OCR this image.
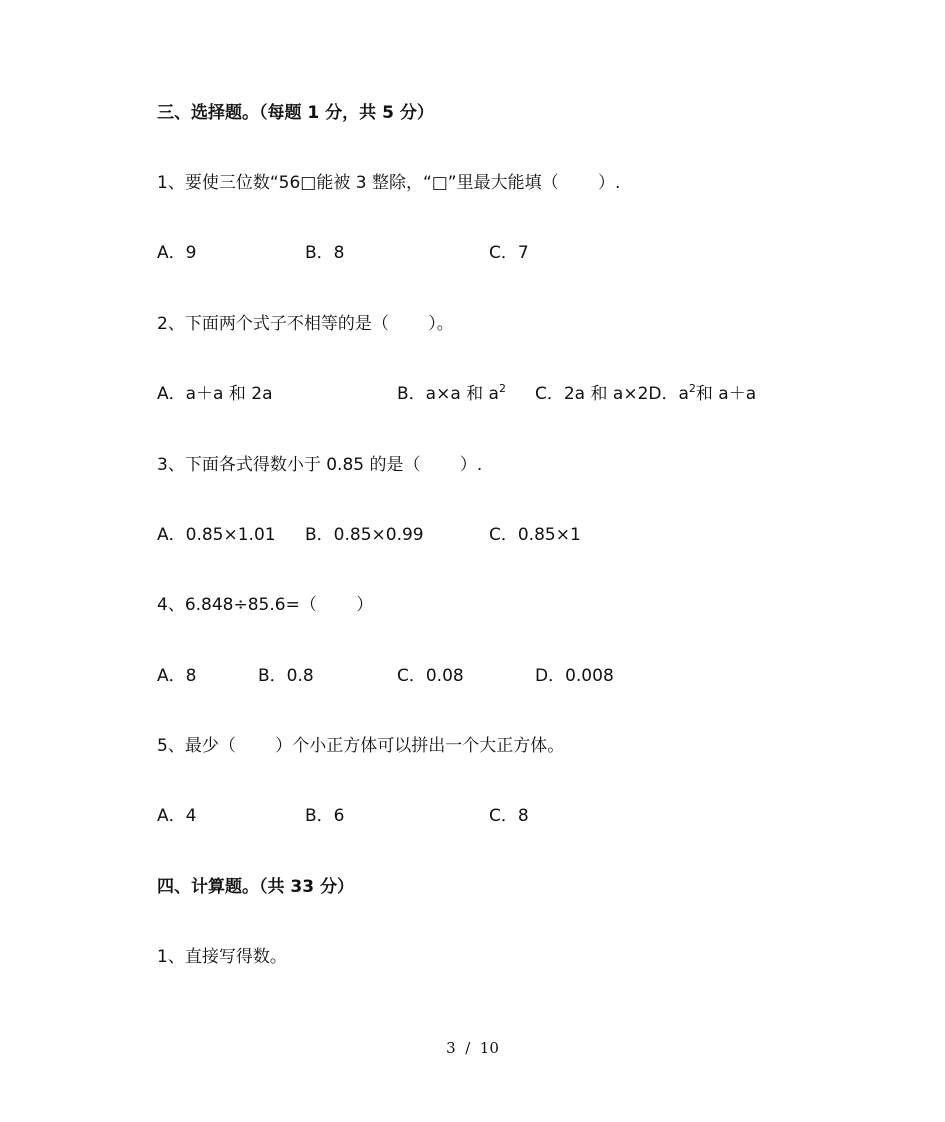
三、选择题。（每题 1 分，共 5 分）
1、要使三位数“56□能被 3 整除，“□”里最大能填（　　 ）.
A．9	B．8	C．7
2、下面两个式子不相等的是（　　 ）。
A．a＋a 和 2a	B．a×a 和 $a^2$ C．2a 和 a×2D．$a^2$和 a＋a
3、下面各式得数小于 0.85 的是（　　 ）.
A．0.85×1.01 B．0.85×0.99	C．0.85×1
4、6.848÷85.6=（　　 ）
A．8	B．0.8	C．0.08	D．0.008
5、最少（　　 ）个小正方体可以拼出一个大正方体。
A．4	B．6	C．8
四、计算题。（共 33 分）
1、直接写得数。
3  /  10
